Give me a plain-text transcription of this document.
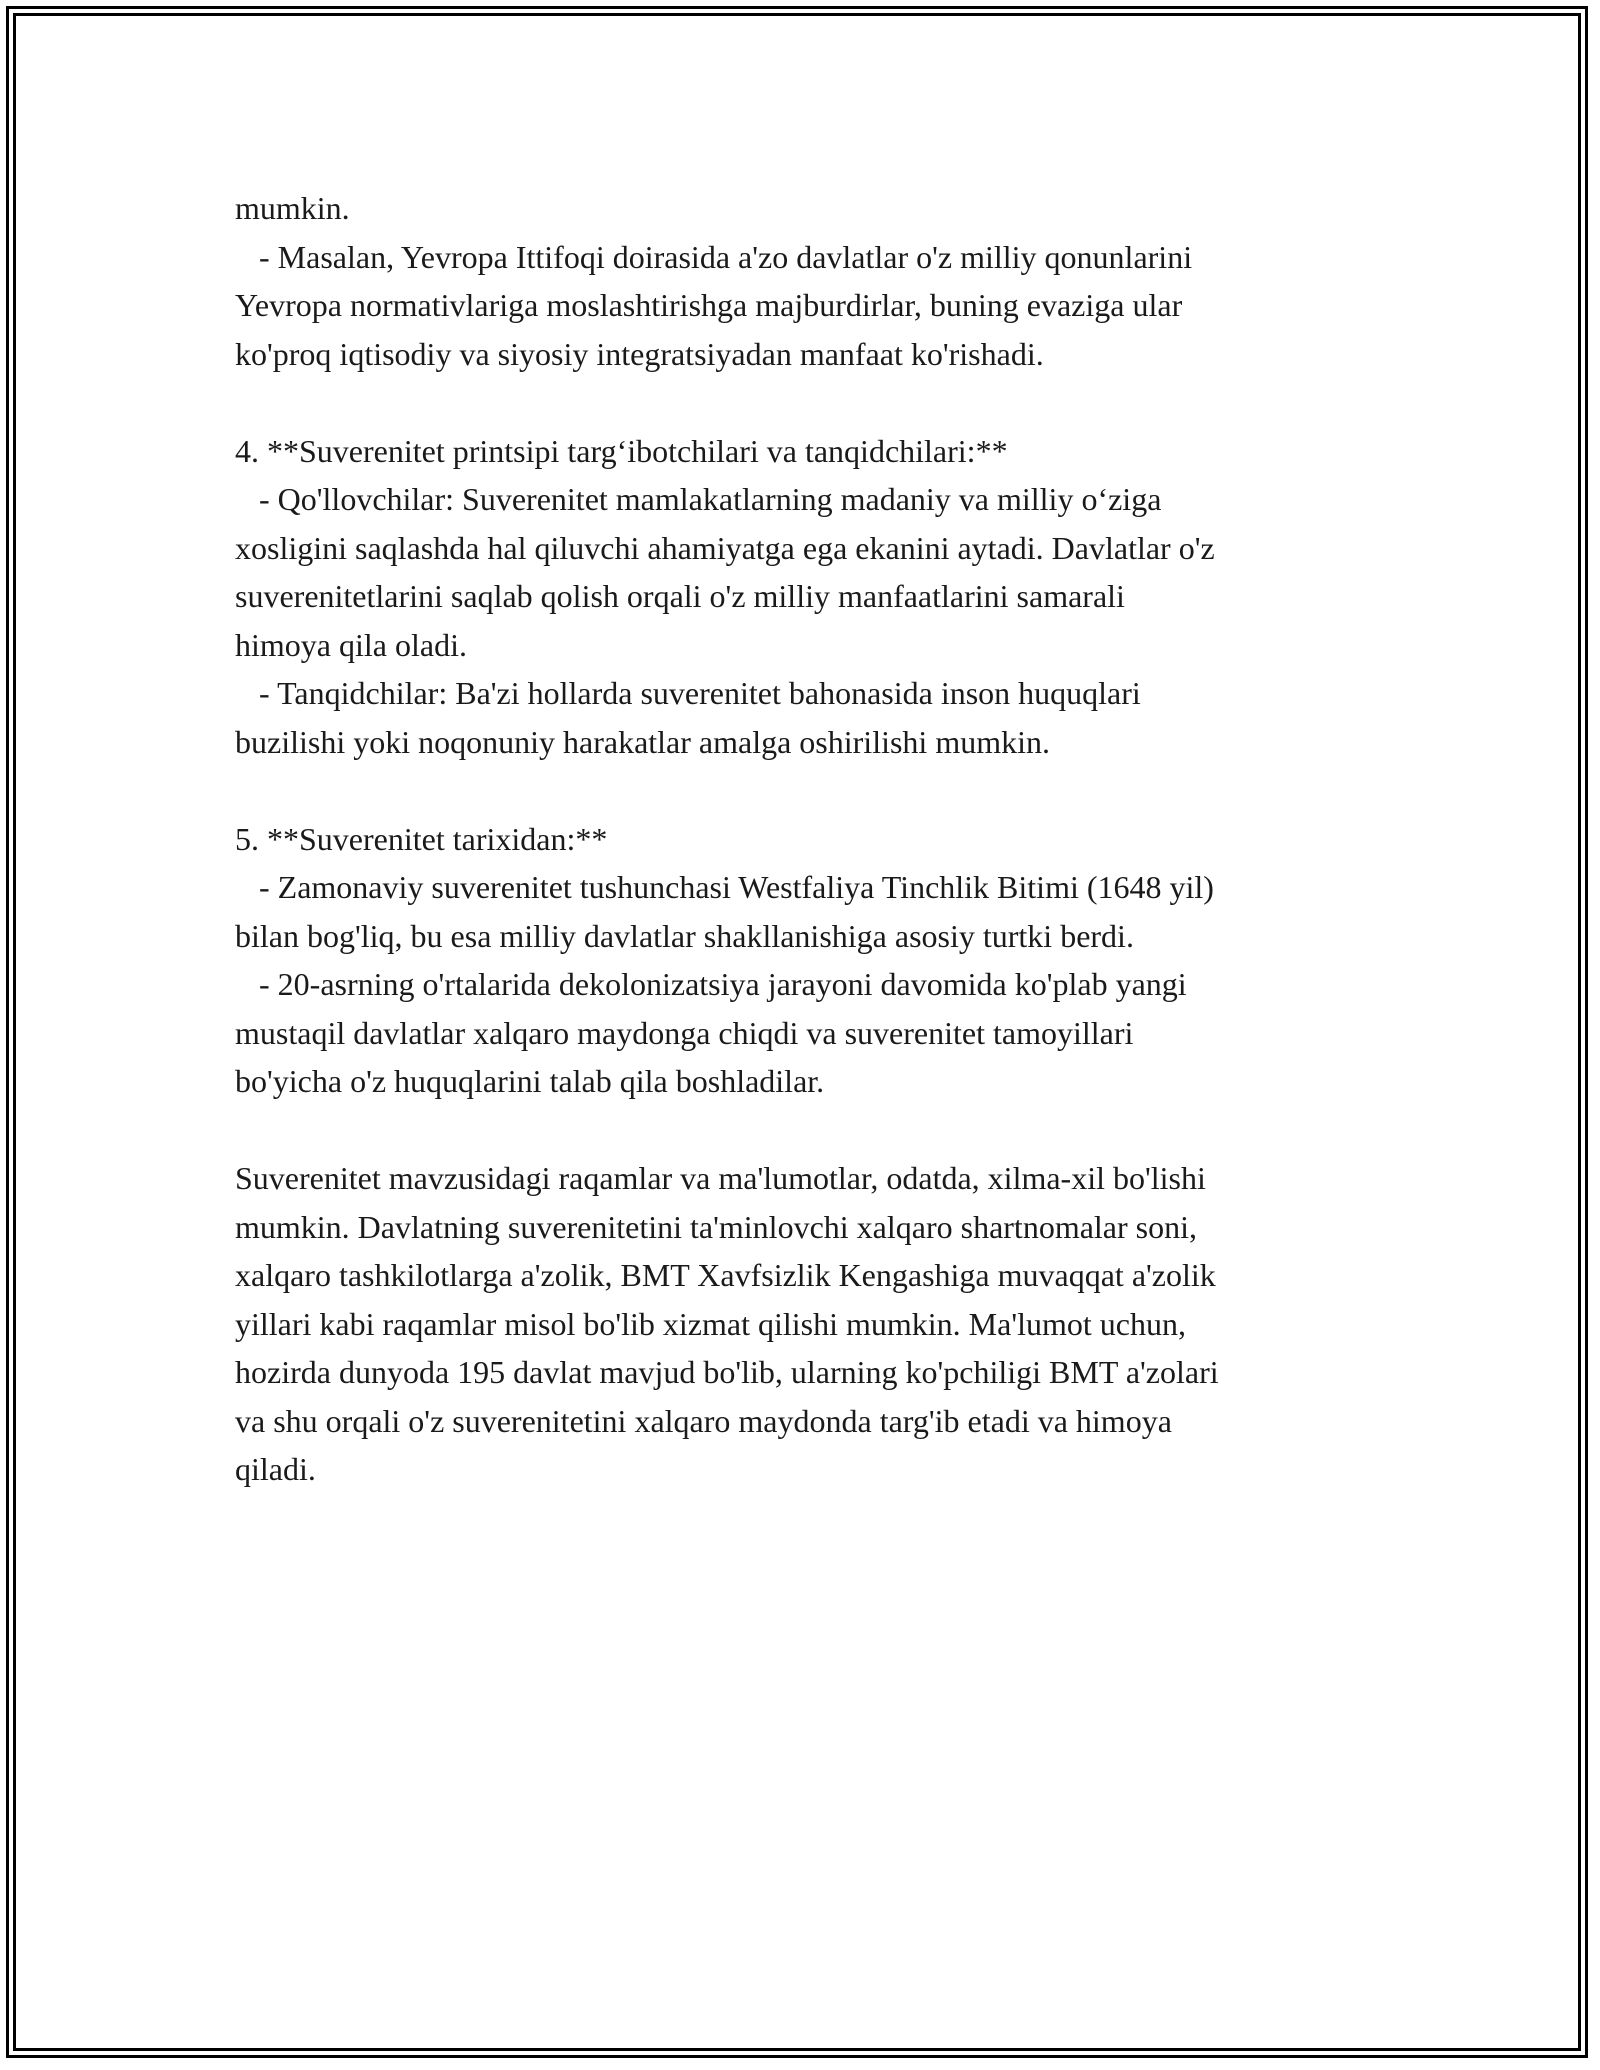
mumkin.
- Masalan, Yevropa Ittifoqi doirasida a'zo davlatlar o'z milliy qonunlarini
Yevropa normativlariga moslashtirishga majburdirlar, buning evaziga ular
ko'proq iqtisodiy va siyosiy integratsiyadan manfaat ko'rishadi.
4. **Suverenitet printsipi targ‘ibotchilari va tanqidchilari:**
- Qo'llovchilar: Suverenitet mamlakatlarning madaniy va milliy o‘ziga
xosligini saqlashda hal qiluvchi ahamiyatga ega ekanini aytadi. Davlatlar o'z
suverenitetlarini saqlab qolish orqali o'z milliy manfaatlarini samarali
himoya qila oladi.
- Tanqidchilar: Ba'zi hollarda suverenitet bahonasida inson huquqlari
buzilishi yoki noqonuniy harakatlar amalga oshirilishi mumkin.
5. **Suverenitet tarixidan:**
- Zamonaviy suverenitet tushunchasi Westfaliya Tinchlik Bitimi (1648 yil)
bilan bog'liq, bu esa milliy davlatlar shakllanishiga asosiy turtki berdi.
- 20-asrning o'rtalarida dekolonizatsiya jarayoni davomida ko'plab yangi
mustaqil davlatlar xalqaro maydonga chiqdi va suverenitet tamoyillari
bo'yicha o'z huquqlarini talab qila boshladilar.
Suverenitet mavzusidagi raqamlar va ma'lumotlar, odatda, xilma-xil bo'lishi
mumkin. Davlatning suverenitetini ta'minlovchi xalqaro shartnomalar soni,
xalqaro tashkilotlarga a'zolik, BMT Xavfsizlik Kengashiga muvaqqat a'zolik
yillari kabi raqamlar misol bo'lib xizmat qilishi mumkin. Ma'lumot uchun,
hozirda dunyoda 195 davlat mavjud bo'lib, ularning ko'pchiligi BMT a'zolari
va shu orqali o'z suverenitetini xalqaro maydonda targ'ib etadi va himoya
qiladi.
